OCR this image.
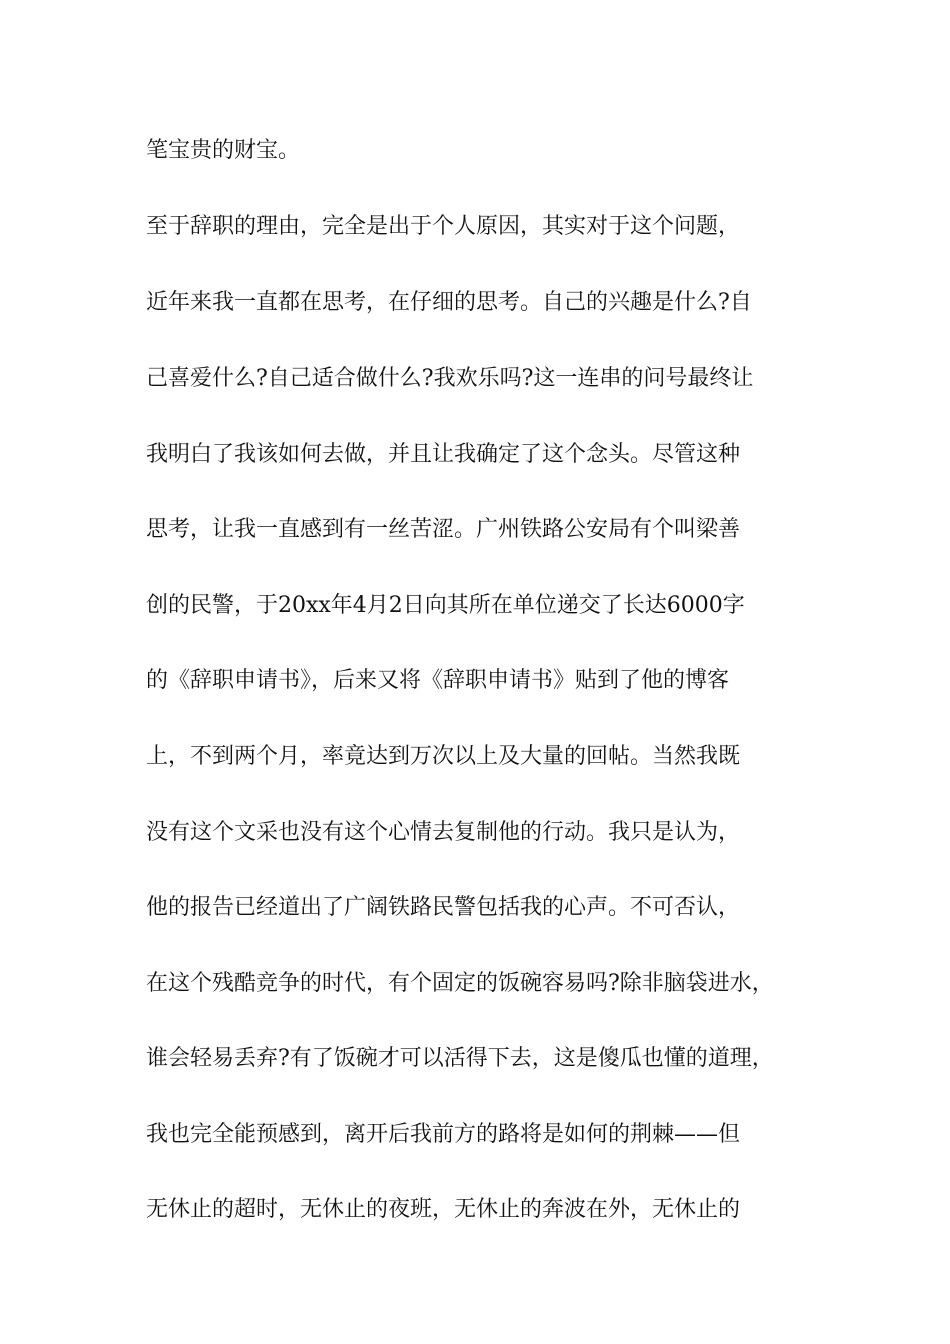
笔宝贵的财宝。

至于辞职的理由，完全是出于个人原因，其实对于这个问题，

近年来我一直都在思考，在仔细的思考。自己的兴趣是什么?自

己喜爱什么?自己适合做什么?我欢乐吗?这一连串的问号最终让

我明白了我该如何去做，并且让我确定了这个念头。尽管这种

思考，让我一直感到有一丝苦涩。广州铁路公安局有个叫梁善

创的民警，于20xx年4月2日向其所在单位递交了长达6000字

的《辞职申请书》，后来又将《辞职申请书》贴到了他的博客

上，不到两个月，率竟达到万次以上及大量的回帖。当然我既

没有这个文采也没有这个心情去复制他的行动。我只是认为，

他的报告已经道出了广阔铁路民警包括我的心声。不可否认，

在这个残酷竞争的时代，有个固定的饭碗容易吗?除非脑袋进水，

谁会轻易丢弃?有了饭碗才可以活得下去，这是傻瓜也懂的道理，

我也完全能预感到，离开后我前方的路将是如何的荆棘——但

无休止的超时，无休止的夜班，无休止的奔波在外，无休止的
